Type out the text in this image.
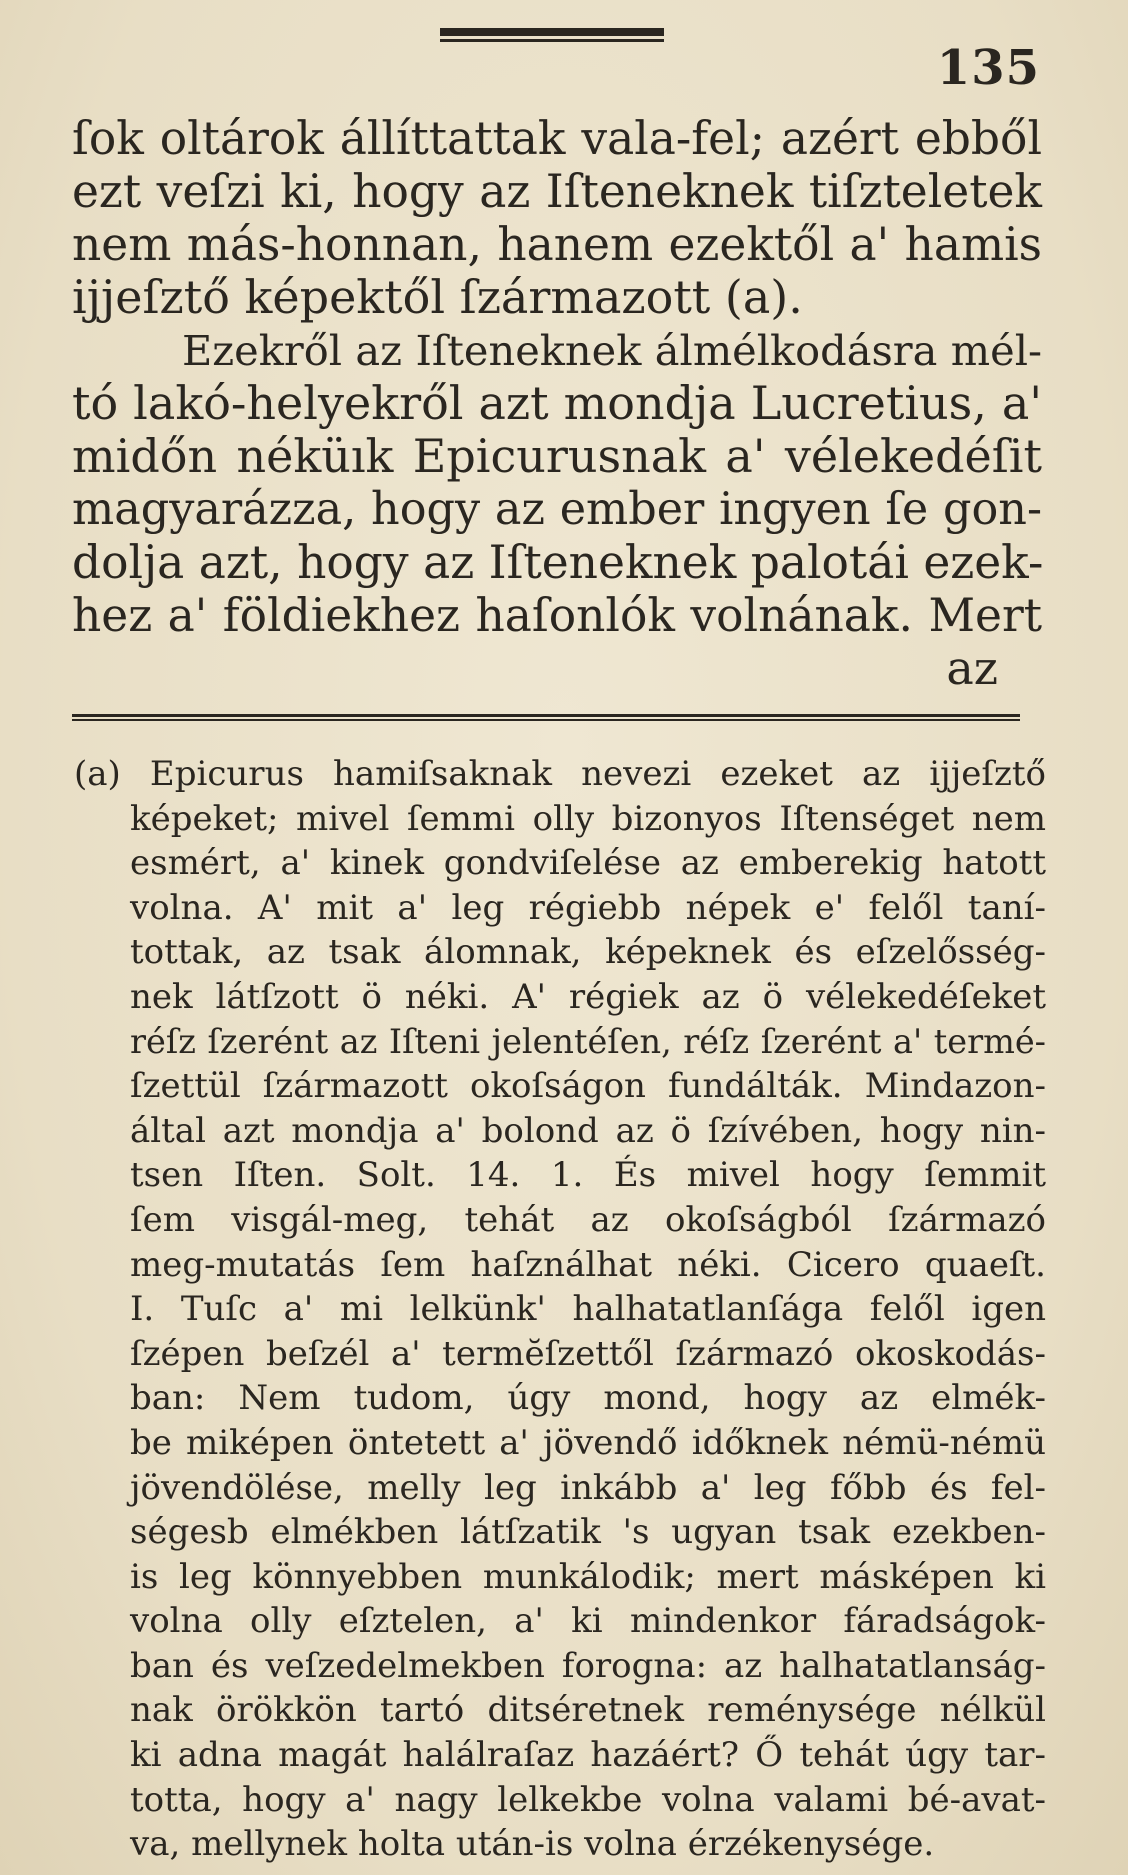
135
ſok oltárok állíttattak vala-fel; azért ebből
ezt veſzi ki, hogy az Iſteneknek tiſzteletek
nem más-honnan, hanem ezektől a' hamis
ijjeſztő képektől ſzármazott (a).
Ezekről az Iſteneknek álmélkodásra mél-
tó lakó-helyekről azt mondja Lucretius, a'
midőn néküık Epicurusnak a' vélekedéſit
magyarázza, hogy az ember ingyen ſe gon-
dolja azt, hogy az Iſteneknek palotái ezek-
hez a' földiekhez haſonlók volnának. Mert
az
(a) Epicurus hamiſsaknak nevezi ezeket az ijjeſztő
képeket; mivel ſemmi olly bizonyos Iſtenséget nem
esmért, a' kinek gondviſelése az emberekig hatott
volna. A' mit a' leg régiebb népek e' felől taní-
tottak, az tsak álomnak, képeknek és eſzelősség-
nek látſzott ö néki. A' régiek az ö vélekedéſeket
réſz ſzerént az Iſteni jelentéſen, réſz ſzerént a' termé-
ſzettül ſzármazott okoſságon fundálták. Mindazon-
által azt mondja a' bolond az ö ſzívében, hogy nin-
tsen Iſten. Solt. 14. 1. És mivel hogy ſemmit
ſem visgál-meg, tehát az okoſságból ſzármazó
meg-mutatás ſem haſználhat néki. Cicero quaeſt.
I. Tuſc a' mi lelkünk' halhatatlanſága felől igen
ſzépen beſzél a' termĕſzettől ſzármazó okoskodás-
ban: Nem tudom, úgy mond, hogy az elmék-
be miképen öntetett a' jövendő időknek némü-némü
jövendölése, melly leg inkább a' leg főbb és fel-
ségesb elmékben látſzatik 's ugyan tsak ezekben-
is leg könnyebben munkálodik; mert másképen ki
volna olly eſztelen, a' ki mindenkor fáradságok-
ban és veſzedelmekben forogna: az halhatatlanság-
nak örökkön tartó ditséretnek reménysége nélkül
ki adna magát halálraſaz hazáért? Ő tehát úgy tar-
totta, hogy a' nagy lelkekbe volna valami bé-avat-
va, mellynek holta után-is volna érzékenysége.
